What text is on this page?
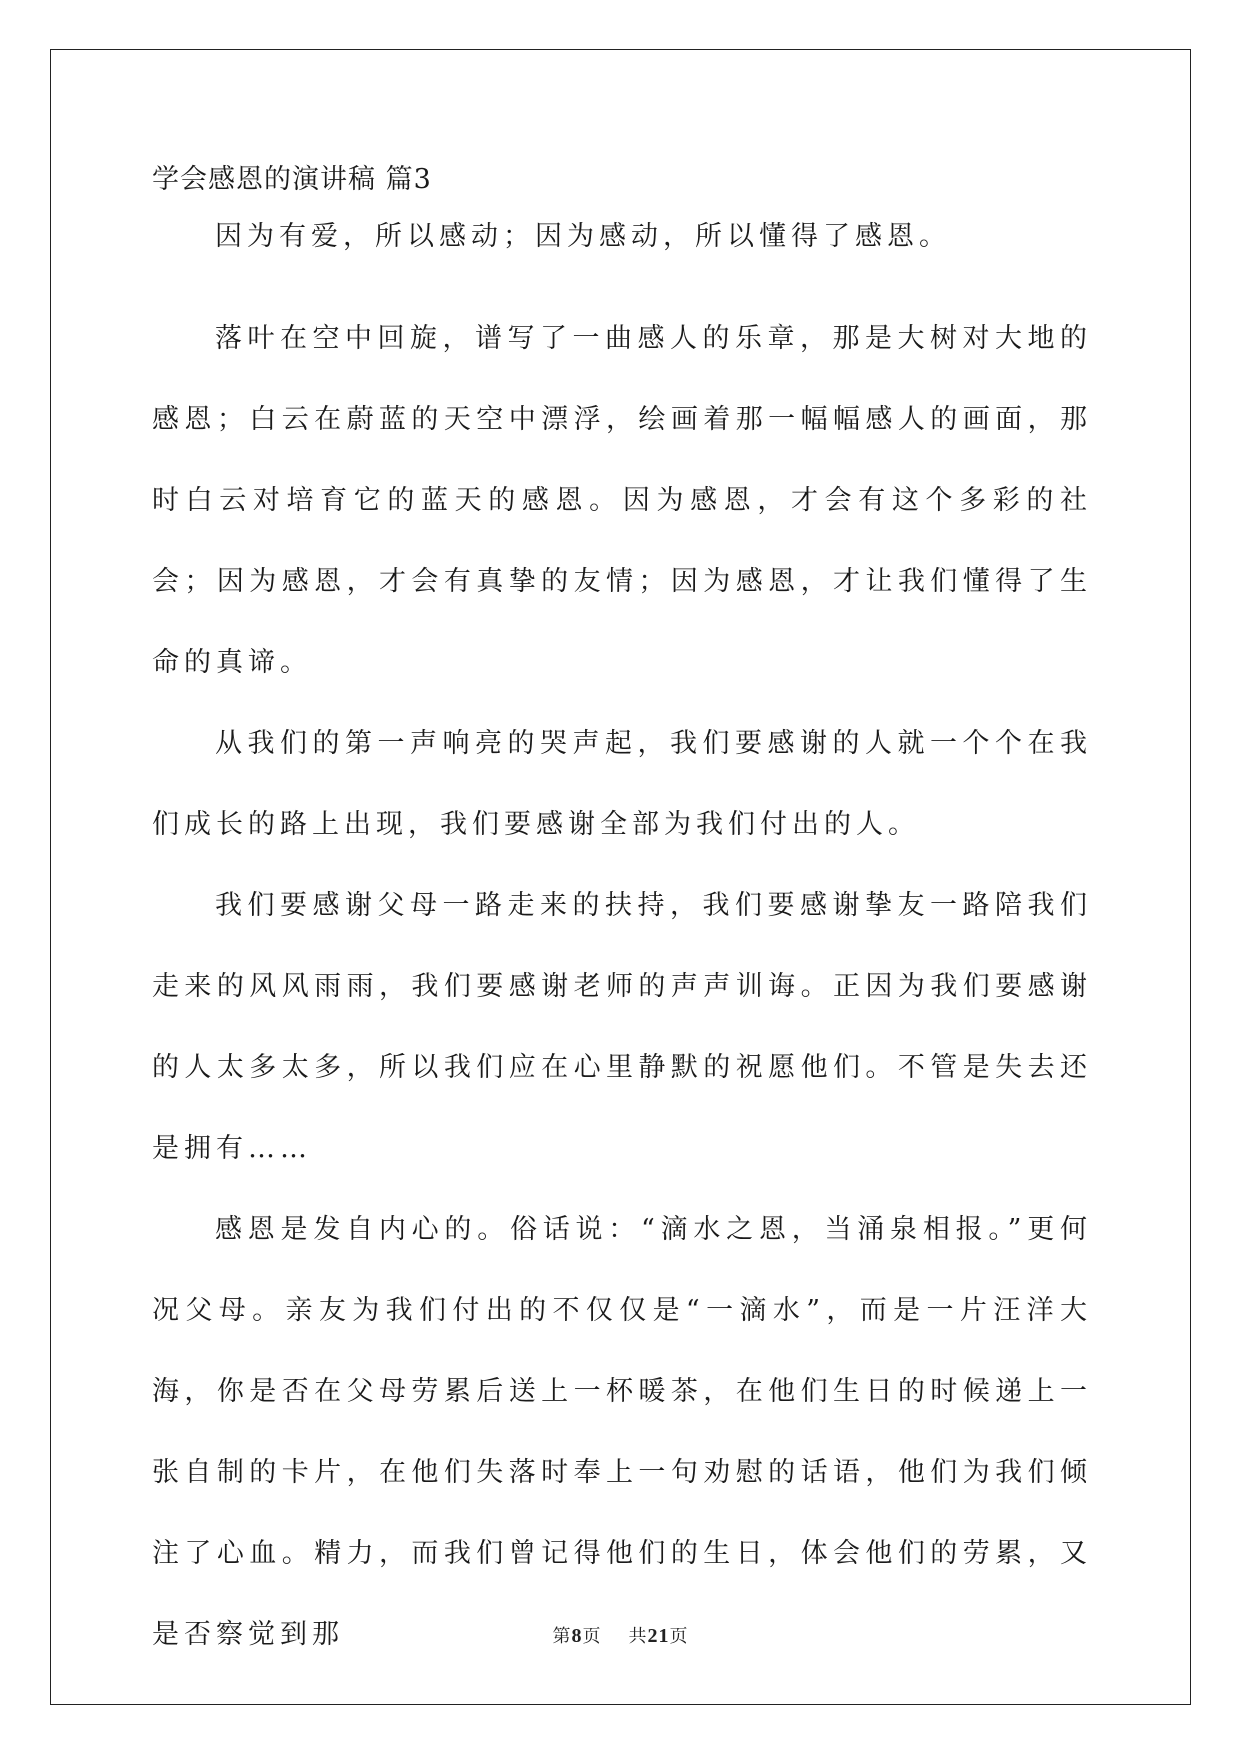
学会感恩的演讲稿 篇3

因为有爱，所以感动；因为感动，所以懂得了感恩。

落叶在空中回旋，谱写了一曲感人的乐章，那是大树对大地的感恩；白云在蔚蓝的天空中漂浮，绘画着那一幅幅感人的画面，那时白云对培育它的蓝天的感恩。因为感恩，才会有这个多彩的社会；因为感恩，才会有真挚的友情；因为感恩，才让我们懂得了生命的真谛。

从我们的第一声响亮的哭声起，我们要感谢的人就一个个在我们成长的路上出现，我们要感谢全部为我们付出的人。

我们要感谢父母一路走来的扶持，我们要感谢挚友一路陪我们走来的风风雨雨，我们要感谢老师的声声训诲。正因为我们要感谢的人太多太多，所以我们应在心里静默的祝愿他们。不管是失去还是拥有……

感恩是发自内心的。俗话说：“滴水之恩，当涌泉相报。”更何况父母。亲友为我们付出的不仅仅是“一滴水”，而是一片汪洋大海，你是否在父母劳累后送上一杯暖茶，在他们生日的时候递上一张自制的卡片，在他们失落时奉上一句劝慰的话语，他们为我们倾注了心血。精力，而我们曾记得他们的生日，体会他们的劳累，又是否察觉到那	第8页 共21页
